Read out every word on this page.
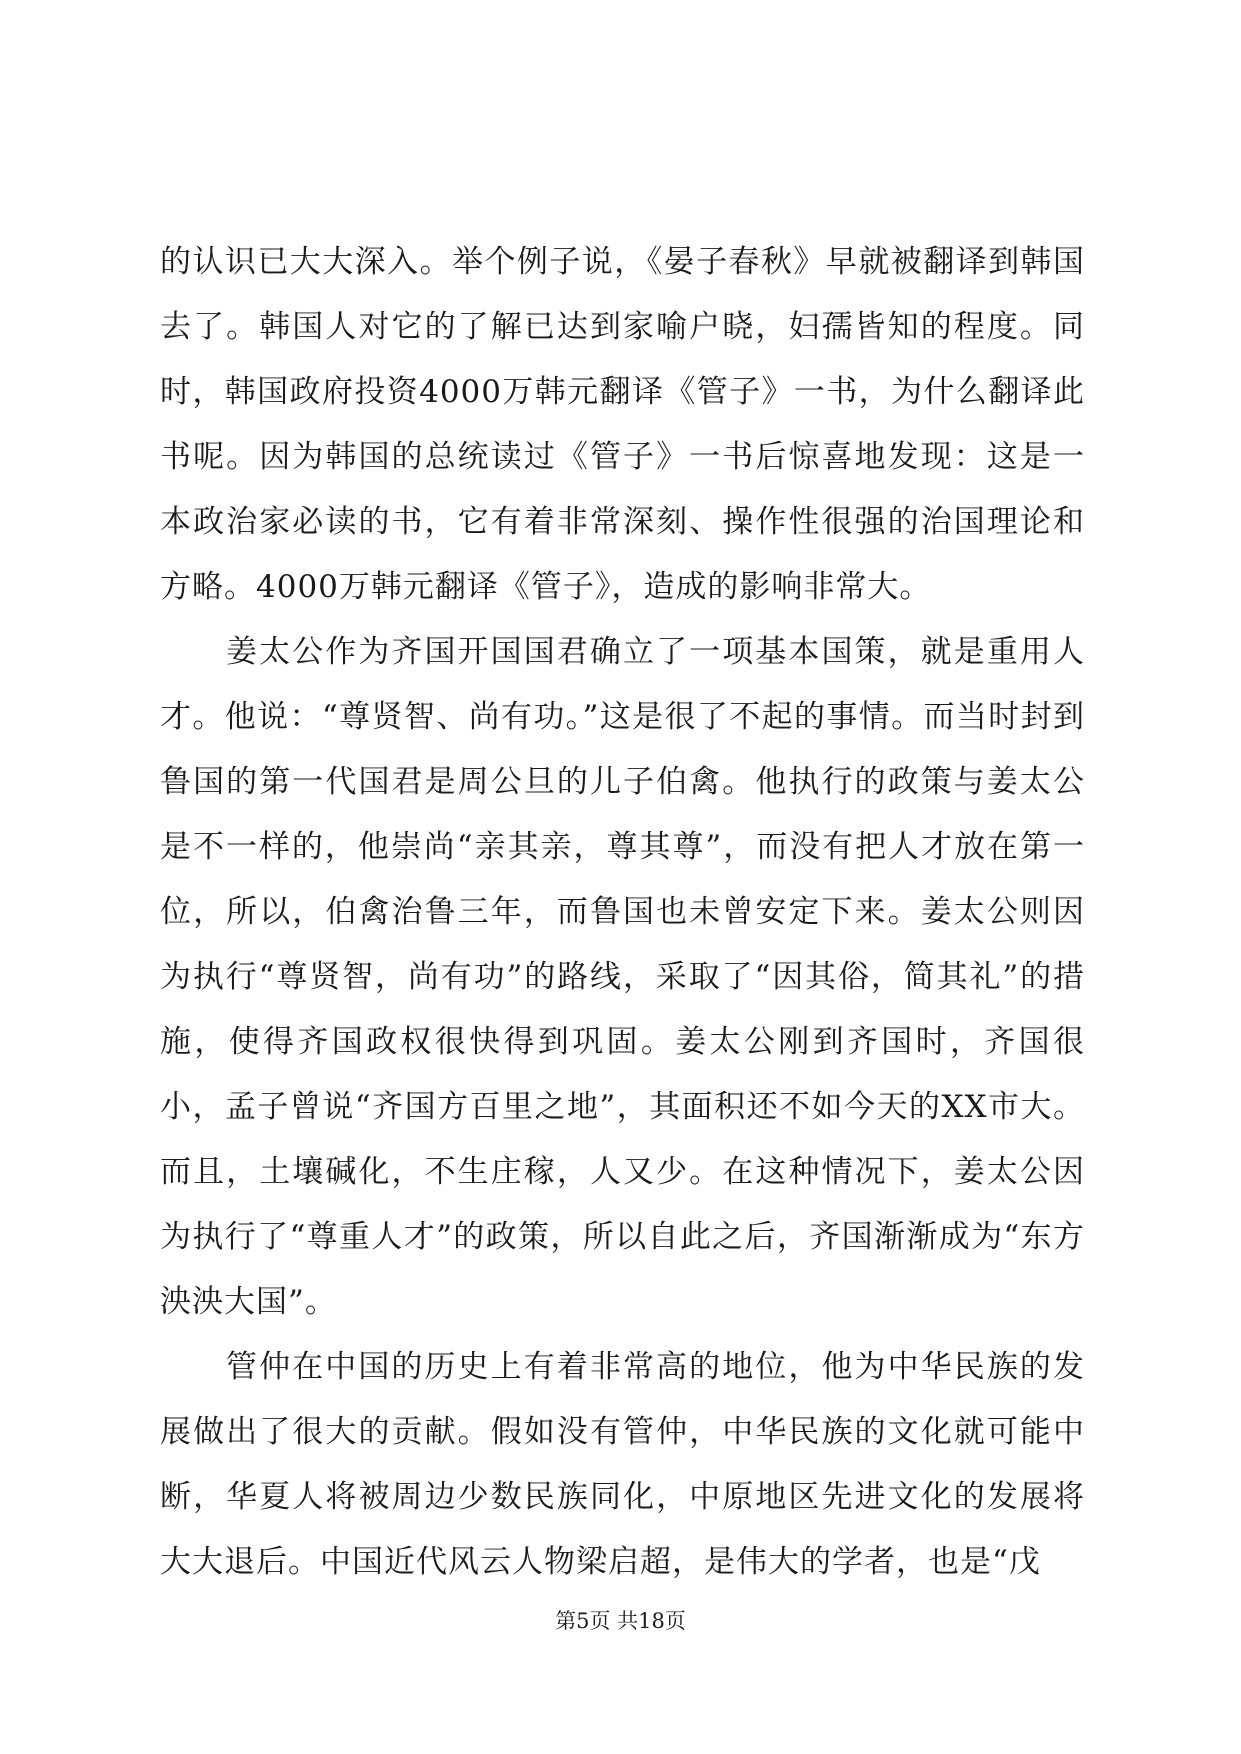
的认识已大大深入。举个例子说，《晏子春秋》早就被翻译到韩国去了。韩国人对它的了解已达到家喻户晓，妇孺皆知的程度。同时，韩国政府投资4000万韩元翻译《管子》一书，为什么翻译此书呢。因为韩国的总统读过《管子》一书后惊喜地发现：这是一本政治家必读的书，它有着非常深刻、操作性很强的治国理论和方略。4000万韩元翻译《管子》，造成的影响非常大。

姜太公作为齐国开国国君确立了一项基本国策，就是重用人才。他说：“尊贤智、尚有功。”这是很了不起的事情。而当时封到鲁国的第一代国君是周公旦的儿子伯禽。他执行的政策与姜太公是不一样的，他崇尚“亲其亲，尊其尊”，而没有把人才放在第一位，所以，伯禽治鲁三年，而鲁国也未曾安定下来。姜太公则因为执行“尊贤智，尚有功”的路线，采取了“因其俗，简其礼”的措施，使得齐国政权很快得到巩固。姜太公刚到齐国时，齐国很小，孟子曾说“齐国方百里之地”，其面积还不如今天的XX市大。而且，土壤碱化，不生庄稼，人又少。在这种情况下，姜太公因为执行了“尊重人才”的政策，所以自此之后，齐国渐渐成为“东方泱泱大国”。

管仲在中国的历史上有着非常高的地位，他为中华民族的发展做出了很大的贡献。假如没有管仲，中华民族的文化就可能中断，华夏人将被周边少数民族同化，中原地区先进文化的发展将大大退后。中国近代风云人物梁启超，是伟大的学者，也是“戊

第5页 共18页
